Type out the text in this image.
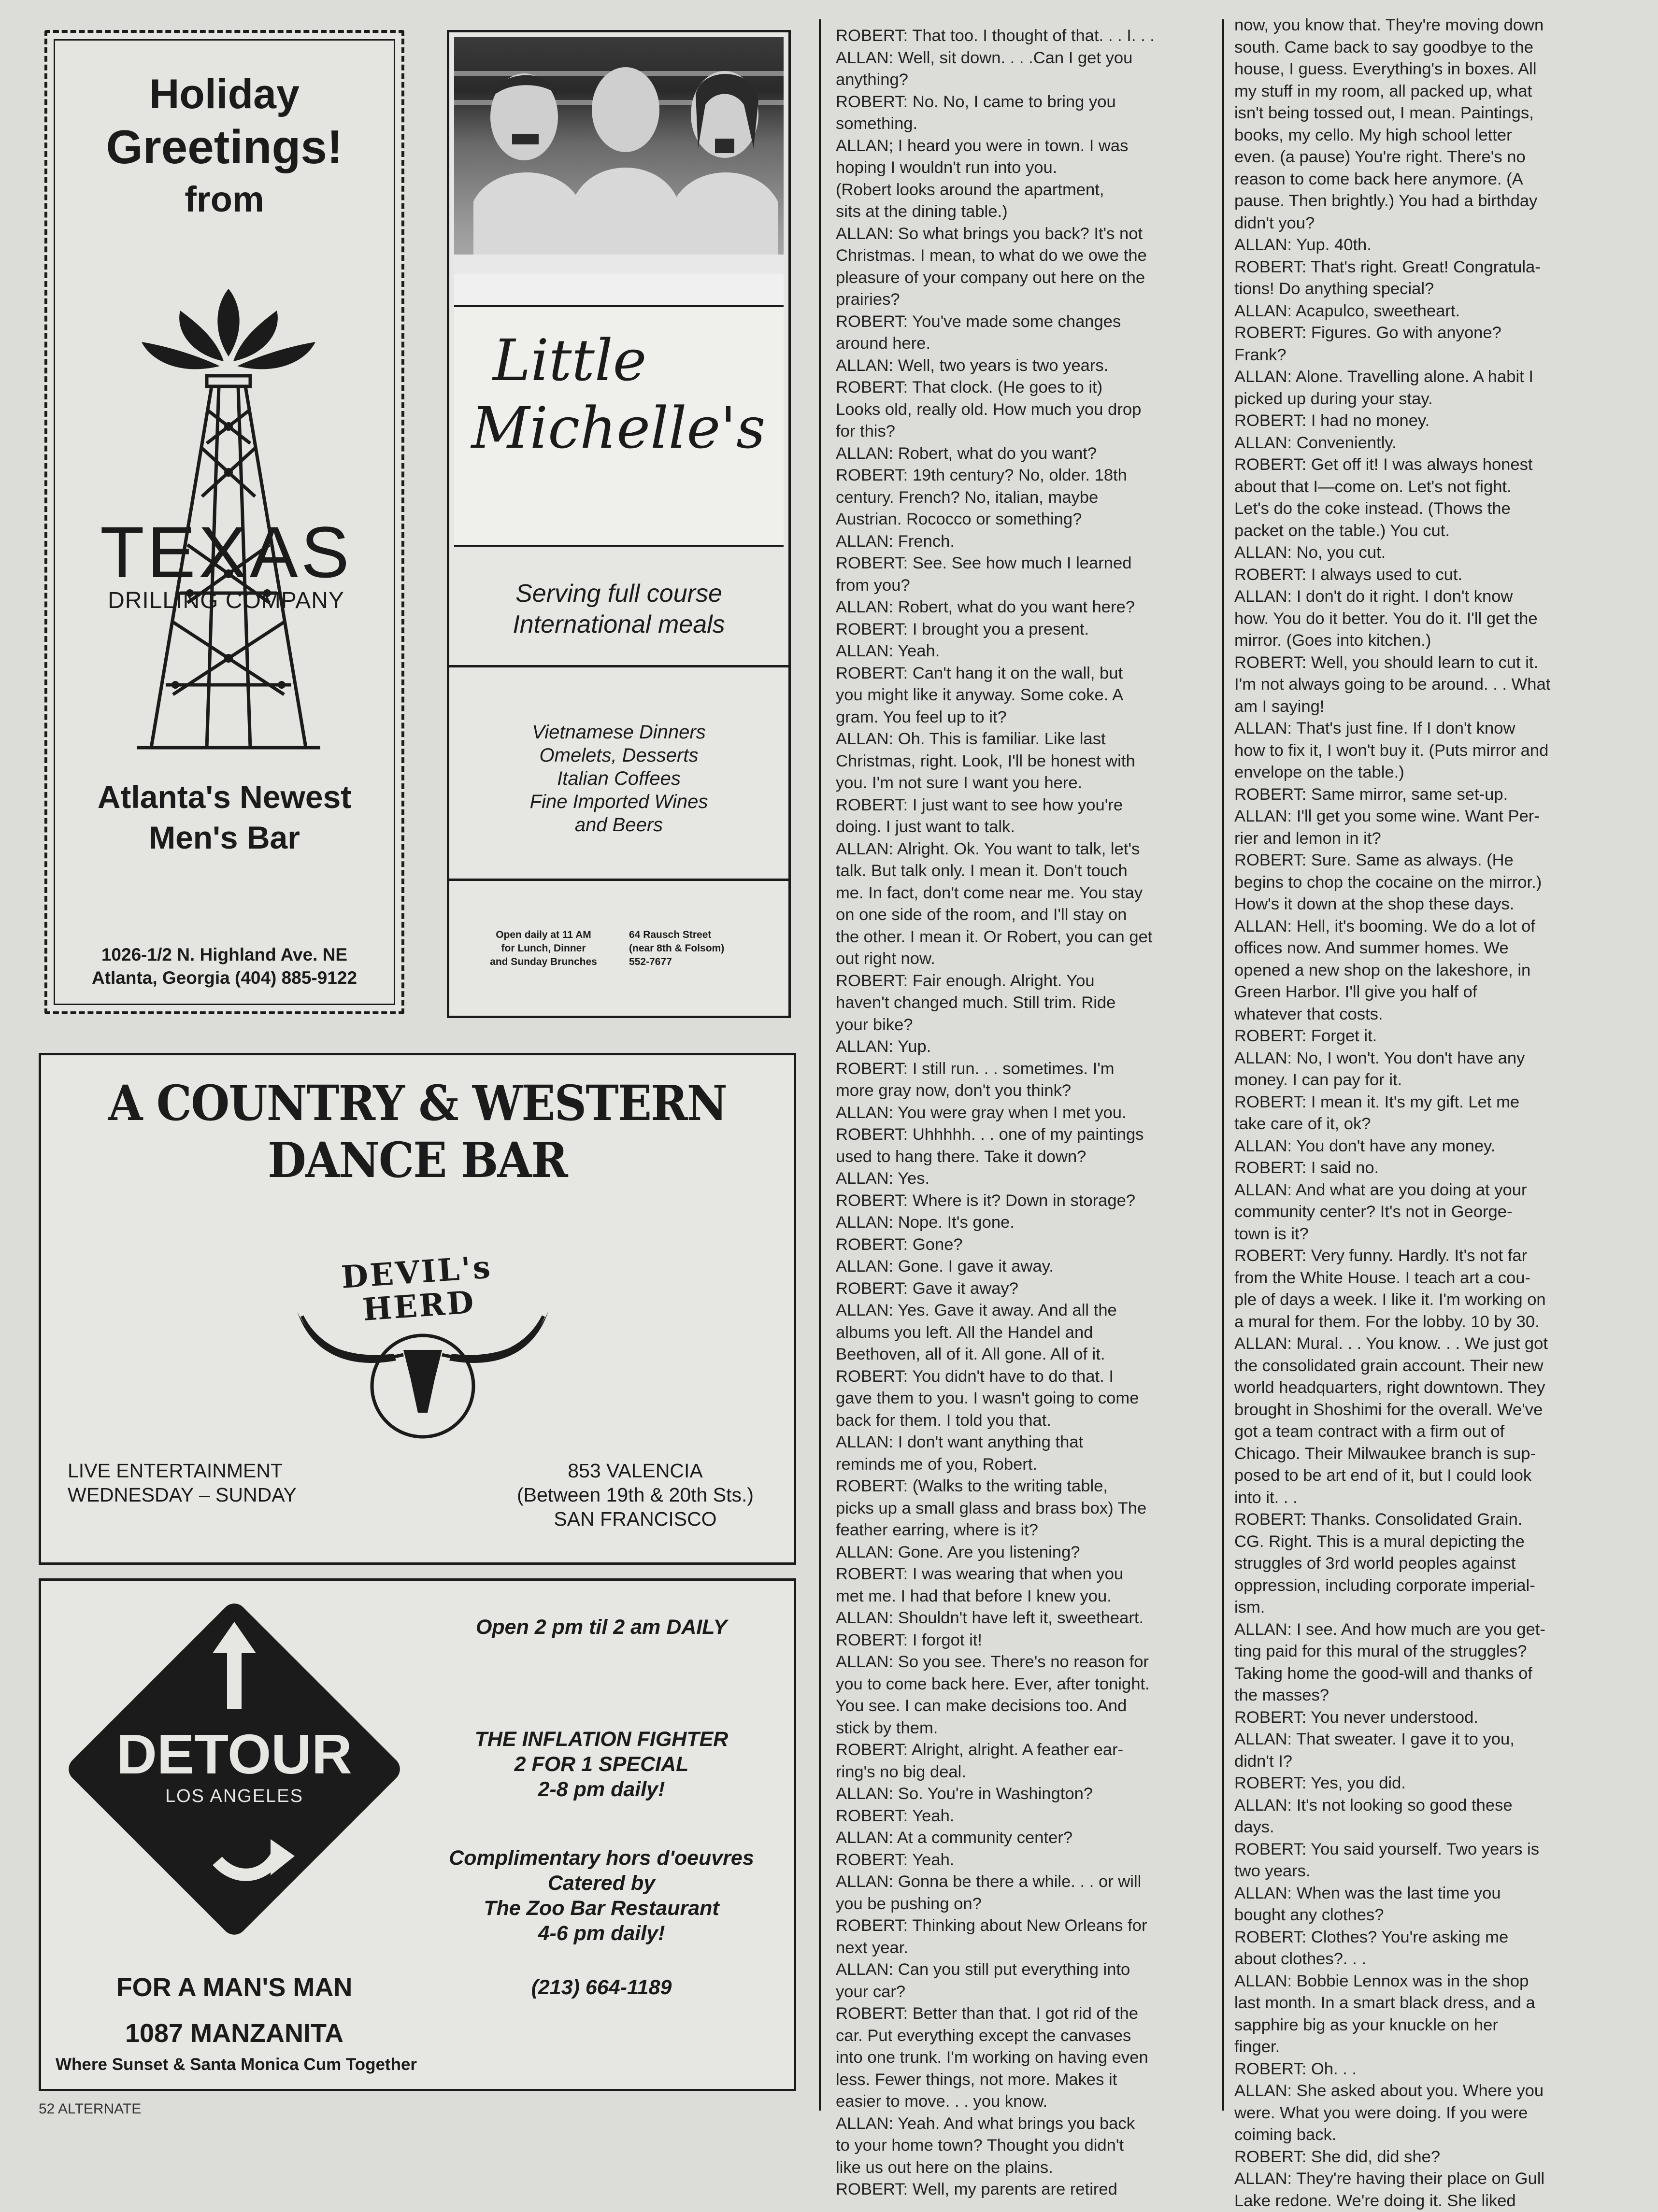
Holiday
Greetings!
from
TEXAS
DRILLING COMPANY
Atlanta's Newest
Men's Bar
1026-1/2 N. Highland Ave. NE
Atlanta, Georgia (404) 885-9122
Little
Michelle's
Serving full course
International meals
Vietnamese Dinners
Omelets, Desserts
Italian Coffees
Fine Imported Wines
and Beers
Open daily at 11 AM
for Lunch, Dinner
and Sunday Brunches
64 Rausch Street
(near 8th & Folsom)
552-7677
A COUNTRY & WESTERN
DANCE BAR
DEVIL's HERD
LIVE ENTERTAINMENT
WEDNESDAY – SUNDAY
853 VALENCIA
(Between 19th & 20th Sts.)
SAN FRANCISCO
DETOUR
LOS ANGELES
FOR A MAN'S MAN
1087 MANZANITA
Where Sunset & Santa Monica Cum Together
Open 2 pm til 2 am DAILY
THE INFLATION FIGHTER
2 FOR 1 SPECIAL
2-8 pm daily!
Complimentary hors d'oeuvres
Catered by
The Zoo Bar Restaurant
4-6 pm daily!
(213) 664-1189
ROBERT: That too. I thought of that. . . I. . .
ALLAN: Well, sit down. . . .Can I get you
anything?
ROBERT: No. No, I came to bring you
something.
ALLAN; I heard you were in town. I was
hoping I wouldn't run into you.
(Robert looks around the apartment,
sits at the dining table.)
ALLAN: So what brings you back? It's not
Christmas. I mean, to what do we owe the
pleasure of your company out here on the
prairies?
ROBERT: You've made some changes
around here.
ALLAN: Well, two years is two years.
ROBERT: That clock. (He goes to it)
Looks old, really old. How much you drop
for this?
ALLAN: Robert, what do you want?
ROBERT: 19th century? No, older. 18th
century. French? No, italian, maybe
Austrian. Rococco or something?
ALLAN: French.
ROBERT: See. See how much I learned
from you?
ALLAN: Robert, what do you want here?
ROBERT: I brought you a present.
ALLAN: Yeah.
ROBERT: Can't hang it on the wall, but
you might like it anyway. Some coke. A
gram. You feel up to it?
ALLAN: Oh. This is familiar. Like last
Christmas, right. Look, I'll be honest with
you. I'm not sure I want you here.
ROBERT: I just want to see how you're
doing. I just want to talk.
ALLAN: Alright. Ok. You want to talk, let's
talk. But talk only. I mean it. Don't touch
me. In fact, don't come near me. You stay
on one side of the room, and I'll stay on
the other. I mean it. Or Robert, you can get
out right now.
ROBERT: Fair enough. Alright. You
haven't changed much. Still trim. Ride
your bike?
ALLAN: Yup.
ROBERT: I still run. . . sometimes. I'm
more gray now, don't you think?
ALLAN: You were gray when I met you.
ROBERT: Uhhhhh. . . one of my paintings
used to hang there. Take it down?
ALLAN: Yes.
ROBERT: Where is it? Down in storage?
ALLAN: Nope. It's gone.
ROBERT: Gone?
ALLAN: Gone. I gave it away.
ROBERT: Gave it away?
ALLAN: Yes. Gave it away. And all the
albums you left. All the Handel and
Beethoven, all of it. All gone. All of it.
ROBERT: You didn't have to do that. I
gave them to you. I wasn't going to come
back for them. I told you that.
ALLAN: I don't want anything that
reminds me of you, Robert.
ROBERT: (Walks to the writing table,
picks up a small glass and brass box) The
feather earring, where is it?
ALLAN: Gone. Are you listening?
ROBERT: I was wearing that when you
met me. I had that before I knew you.
ALLAN: Shouldn't have left it, sweetheart.
ROBERT: I forgot it!
ALLAN: So you see. There's no reason for
you to come back here. Ever, after tonight.
You see. I can make decisions too. And
stick by them.
ROBERT: Alright, alright. A feather ear-
ring's no big deal.
ALLAN: So. You're in Washington?
ROBERT: Yeah.
ALLAN: At a community center?
ROBERT: Yeah.
ALLAN: Gonna be there a while. . . or will
you be pushing on?
ROBERT: Thinking about New Orleans for
next year.
ALLAN: Can you still put everything into
your car?
ROBERT: Better than that. I got rid of the
car. Put everything except the canvases
into one trunk. I'm working on having even
less. Fewer things, not more. Makes it
easier to move. . . you know.
ALLAN: Yeah. And what brings you back
to your home town? Thought you didn't
like us out here on the plains.
ROBERT: Well, my parents are retired
now, you know that. They're moving down
south. Came back to say goodbye to the
house, I guess. Everything's in boxes. All
my stuff in my room, all packed up, what
isn't being tossed out, I mean. Paintings,
books, my cello. My high school letter
even. (a pause) You're right. There's no
reason to come back here anymore. (A
pause. Then brightly.) You had a birthday
didn't you?
ALLAN: Yup. 40th.
ROBERT: That's right. Great! Congratula-
tions! Do anything special?
ALLAN: Acapulco, sweetheart.
ROBERT: Figures. Go with anyone?
Frank?
ALLAN: Alone. Travelling alone. A habit I
picked up during your stay.
ROBERT: I had no money.
ALLAN: Conveniently.
ROBERT: Get off it! I was always honest
about that I—come on. Let's not fight.
Let's do the coke instead. (Thows the
packet on the table.) You cut.
ALLAN: No, you cut.
ROBERT: I always used to cut.
ALLAN: I don't do it right. I don't know
how. You do it better. You do it. I'll get the
mirror. (Goes into kitchen.)
ROBERT: Well, you should learn to cut it.
I'm not always going to be around. . . What
am I saying!
ALLAN: That's just fine. If I don't know
how to fix it, I won't buy it. (Puts mirror and
envelope on the table.)
ROBERT: Same mirror, same set-up.
ALLAN: I'll get you some wine. Want Per-
rier and lemon in it?
ROBERT: Sure. Same as always. (He
begins to chop the cocaine on the mirror.)
How's it down at the shop these days.
ALLAN: Hell, it's booming. We do a lot of
offices now. And summer homes. We
opened a new shop on the lakeshore, in
Green Harbor. I'll give you half of
whatever that costs.
ROBERT: Forget it.
ALLAN: No, I won't. You don't have any
money. I can pay for it.
ROBERT: I mean it. It's my gift. Let me
take care of it, ok?
ALLAN: You don't have any money.
ROBERT: I said no.
ALLAN: And what are you doing at your
community center? It's not in George-
town is it?
ROBERT: Very funny. Hardly. It's not far
from the White House. I teach art a cou-
ple of days a week. I like it. I'm working on
a mural for them. For the lobby. 10 by 30.
ALLAN: Mural. . . You know. . . We just got
the consolidated grain account. Their new
world headquarters, right downtown. They
brought in Shoshimi for the overall. We've
got a team contract with a firm out of
Chicago. Their Milwaukee branch is sup-
posed to be art end of it, but I could look
into it. . .
ROBERT: Thanks. Consolidated Grain.
CG. Right. This is a mural depicting the
struggles of 3rd world peoples against
oppression, including corporate imperial-
ism.
ALLAN: I see. And how much are you get-
ting paid for this mural of the struggles?
Taking home the good-will and thanks of
the masses?
ROBERT: You never understood.
ALLAN: That sweater. I gave it to you,
didn't I?
ROBERT: Yes, you did.
ALLAN: It's not looking so good these
days.
ROBERT: You said yourself. Two years is
two years.
ALLAN: When was the last time you
bought any clothes?
ROBERT: Clothes? You're asking me
about clothes?. . .
ALLAN: Bobbie Lennox was in the shop
last month. In a smart black dress, and a
sapphire big as your knuckle on her
finger.
ROBERT: Oh. . .
ALLAN: She asked about you. Where you
were. What you were doing. If you were
coiming back.
ROBERT: She did, did she?
ALLAN: They're having their place on Gull
Lake redone. We're doing it. She liked
52 ALTERNATE
